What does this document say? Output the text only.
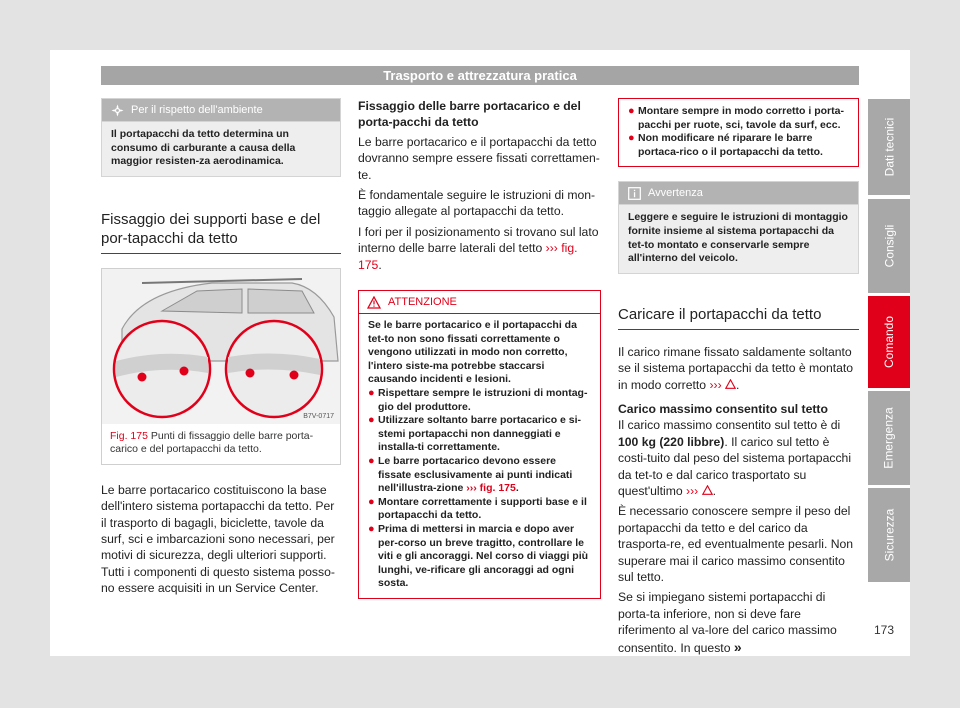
Trasporto e attrezzatura pratica
Per il rispetto dell'ambiente
Il portapacchi da tetto determina un consumo di carburante a causa della maggior resisten-za aerodinamica.
Fissaggio dei supporti base e del por-tapacchi da tetto
B7V-0717
Fig. 175 Punti di fissaggio delle barre porta-carico e del portapacchi da tetto.
Le barre portacarico costituiscono la base dell'intero sistema portapacchi da tetto. Per il trasporto di bagagli, biciclette, tavole da surf, sci e imbarcazioni sono necessari, per motivi di sicurezza, degli ulteriori supporti. Tutti i componenti di questo sistema posso-no essere acquisiti in un Service Center.
Fissaggio delle barre portacarico e del porta-pacchi da tetto
Le barre portacarico e il portapacchi da tetto dovranno sempre essere fissati correttamen-te.
È fondamentale seguire le istruzioni di mon-taggio allegate al portapacchi da tetto.
I fori per il posizionamento si trovano sul lato interno delle barre laterali del tetto ››› fig. 175.
ATTENZIONE

Se le barre portacarico e il portapacchi da tet-to non sono fissati correttamente o vengono utilizzati in modo non corretto, l'intero siste-ma potrebbe staccarsi causando incidenti e lesioni.

● Rispettare sempre le istruzioni di montag-gio del produttore.
● Utilizzare soltanto barre portacarico e si-stemi portapacchi non danneggiati e installa-ti correttamente.
● Le barre portacarico devono essere fissate esclusivamente ai punti indicati nell'illustra-zione ››› fig. 175.
● Montare correttamente i supporti base e il portapacchi da tetto.
● Prima di mettersi in marcia e dopo aver per-corso un breve tragitto, controllare le viti e gli ancoraggi. Nel corso di viaggi più lunghi, ve-rificare gli ancoraggi ad ogni sosta.
● Montare sempre in modo corretto i porta-pacchi per ruote, sci, tavole da surf, ecc.
● Non modificare né riparare le barre portaca-rico o il portapacchi da tetto.
Avvertenza
Leggere e seguire le istruzioni di montaggio fornite insieme al sistema portapacchi da tet-to montato e conservarle sempre all'interno del veicolo.
Caricare il portapacchi da tetto
Il carico rimane fissato saldamente soltanto se il sistema portapacchi da tetto è montato in modo corretto ››› .
Carico massimo consentito sul tetto
Il carico massimo consentito sul tetto è di 100 kg (220 libbre). Il carico sul tetto è costi-tuito dal peso del sistema portapacchi da tet-to e dal carico trasportato su quest'ultimo ››› .
È necessario conoscere sempre il peso del portapacchi da tetto e del carico da trasporta-re, ed eventualmente pesarli. Non superare mai il carico massimo consentito sul tetto.
Se si impiegano sistemi portapacchi di porta-ta inferiore, non si deve fare riferimento al va-lore del carico massimo consentito. In questo »
Dati tecnici
Consigli
Comando
Emergenza
Sicurezza
173
